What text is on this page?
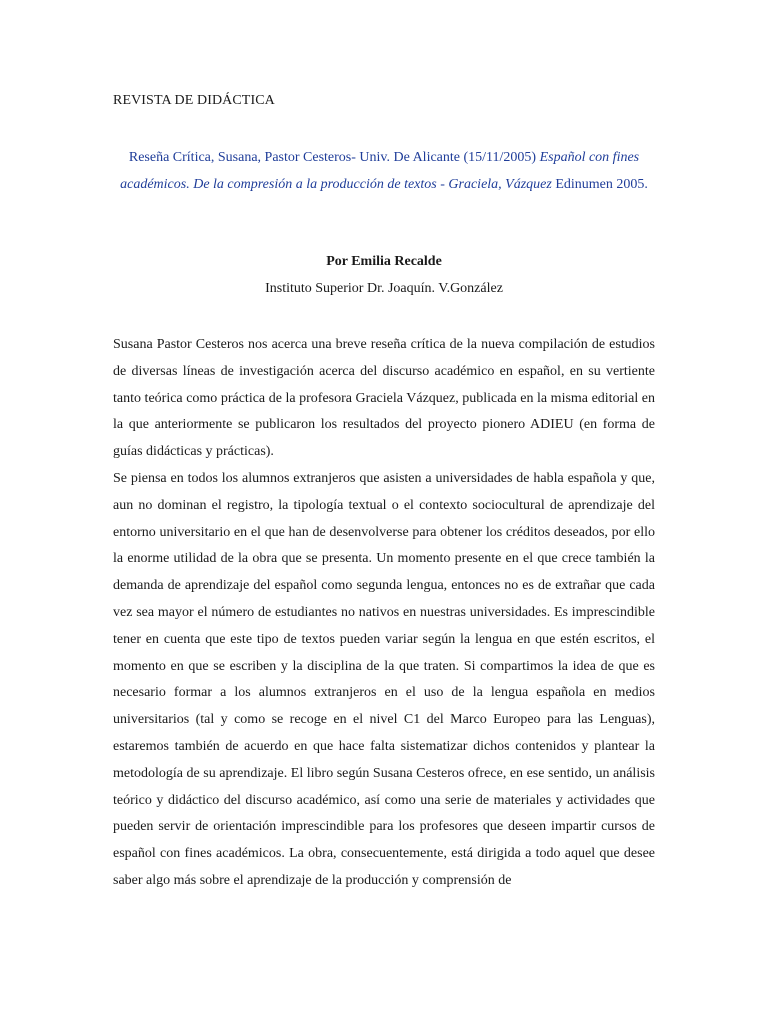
REVISTA DE DIDÁCTICA
Reseña Crítica, Susana, Pastor Cesteros- Univ. De Alicante (15/11/2005) Español con fines académicos. De la compresión a la producción de textos - Graciela, Vázquez Edinumen 2005.
Por Emilia Recalde
Instituto Superior Dr. Joaquín. V.González

Susana Pastor Cesteros nos acerca una breve reseña crítica de la nueva compilación de estudios de diversas líneas de investigación acerca del discurso académico en español, en su vertiente tanto teórica como práctica de la profesora Graciela Vázquez, publicada en la misma editorial en la que anteriormente se publicaron los resultados del proyecto pionero ADIEU (en forma de guías didácticas y prácticas).

Se piensa en todos los alumnos extranjeros que asisten a universidades de habla española y que, aun no dominan el registro, la tipología textual o el contexto sociocultural de aprendizaje del entorno universitario en el que han de desenvolverse para obtener los créditos deseados, por ello la enorme utilidad de la obra que se presenta. Un momento presente en el que crece también la demanda de aprendizaje del español como segunda lengua, entonces no es de extrañar que cada vez sea mayor el número de estudiantes no nativos en nuestras universidades. Es imprescindible tener en cuenta que este tipo de textos pueden variar según la lengua en que estén escritos, el momento en que se escriben y la disciplina de la que traten. Si compartimos la idea de que es necesario formar a los alumnos extranjeros en el uso de la lengua española en medios universitarios (tal y como se recoge en el nivel C1 del Marco Europeo para las Lenguas), estaremos también de acuerdo en que hace falta sistematizar dichos contenidos y plantear la metodología de su aprendizaje. El libro según Susana Cesteros ofrece, en ese sentido, un análisis teórico y didáctico del discurso académico, así como una serie de materiales y actividades que pueden servir de orientación imprescindible para los profesores que deseen impartir cursos de español con fines académicos. La obra, consecuentemente, está dirigida a todo aquel que desee saber algo más sobre el aprendizaje de la producción y comprensión de
